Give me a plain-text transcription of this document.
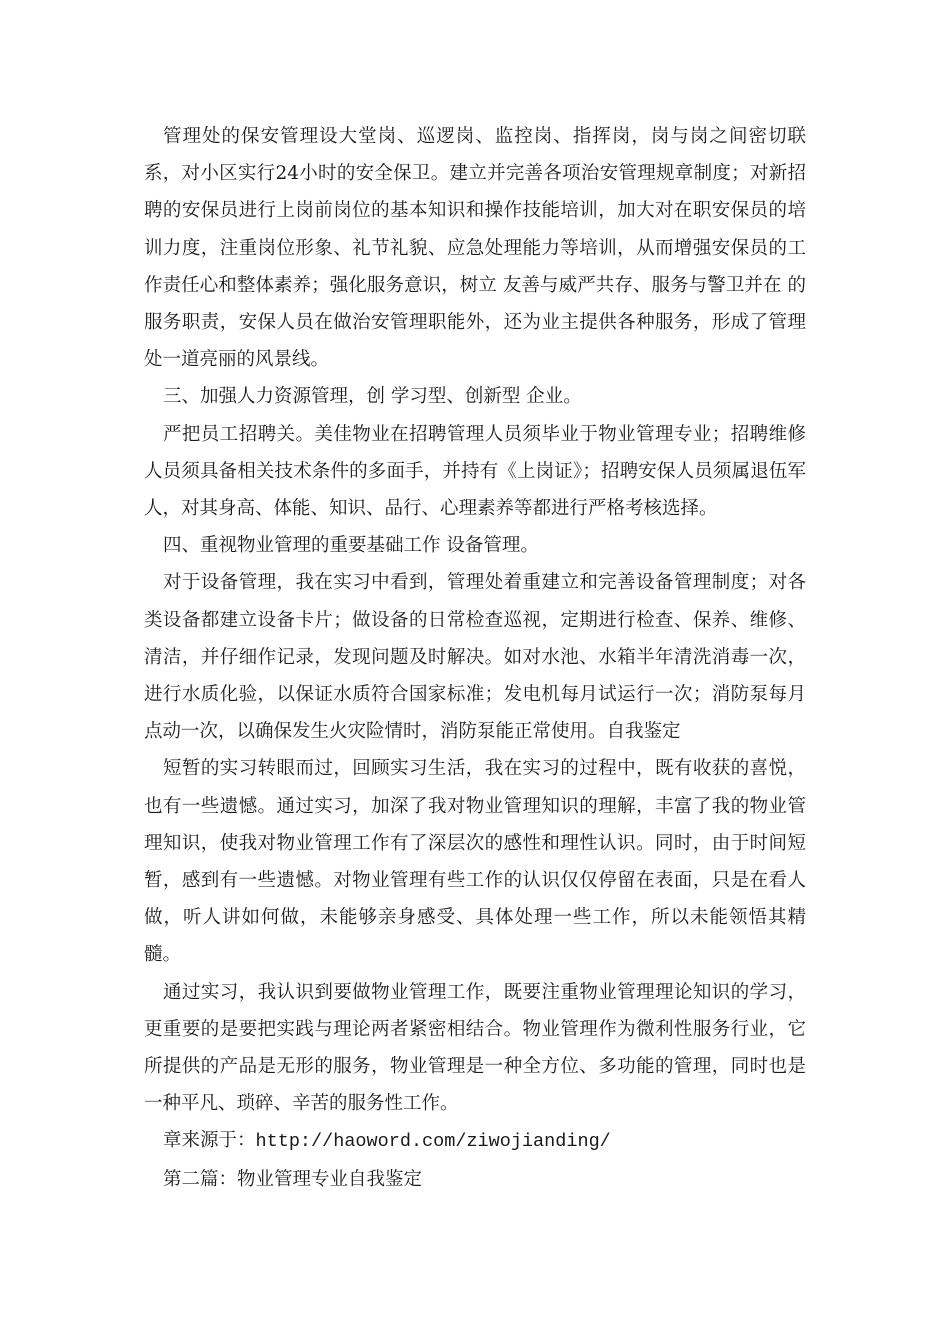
管理处的保安管理设大堂岗、巡逻岗、监控岗、指挥岗，岗与岗之间密切联系，对小区实行24小时的安全保卫。建立并完善各项治安管理规章制度；对新招聘的安保员进行上岗前岗位的基本知识和操作技能培训，加大对在职安保员的培训力度，注重岗位形象、礼节礼貌、应急处理能力等培训，从而增强安保员的工作责任心和整体素养；强化服务意识，树立 友善与威严共存、服务与警卫并在 的服务职责，安保人员在做治安管理职能外，还为业主提供各种服务，形成了管理处一道亮丽的风景线。

三、加强人力资源管理，创 学习型、创新型 企业。

严把员工招聘关。美佳物业在招聘管理人员须毕业于物业管理专业；招聘维修人员须具备相关技术条件的多面手，并持有《上岗证》；招聘安保人员须属退伍军人，对其身高、体能、知识、品行、心理素养等都进行严格考核选择。

四、重视物业管理的重要基础工作 设备管理。

对于设备管理，我在实习中看到，管理处着重建立和完善设备管理制度；对各类设备都建立设备卡片；做设备的日常检查巡视，定期进行检查、保养、维修、清洁，并仔细作记录，发现问题及时解决。如对水池、水箱半年清洗消毒一次，进行水质化验，以保证水质符合国家标准；发电机每月试运行一次；消防泵每月点动一次，以确保发生火灾险情时，消防泵能正常使用。自我鉴定

短暂的实习转眼而过，回顾实习生活，我在实习的过程中，既有收获的喜悦，也有一些遗憾。通过实习，加深了我对物业管理知识的理解，丰富了我的物业管理知识，使我对物业管理工作有了深层次的感性和理性认识。同时，由于时间短暂，感到有一些遗憾。对物业管理有些工作的认识仅仅停留在表面，只是在看人做，听人讲如何做，未能够亲身感受、具体处理一些工作，所以未能领悟其精髓。

通过实习，我认识到要做物业管理工作，既要注重物业管理理论知识的学习，更重要的是要把实践与理论两者紧密相结合。物业管理作为微利性服务行业，它所提供的产品是无形的服务，物业管理是一种全方位、多功能的管理，同时也是一种平凡、琐碎、辛苦的服务性工作。

章来源于：http://haoword.com/ziwojianding/

第二篇：物业管理专业自我鉴定
